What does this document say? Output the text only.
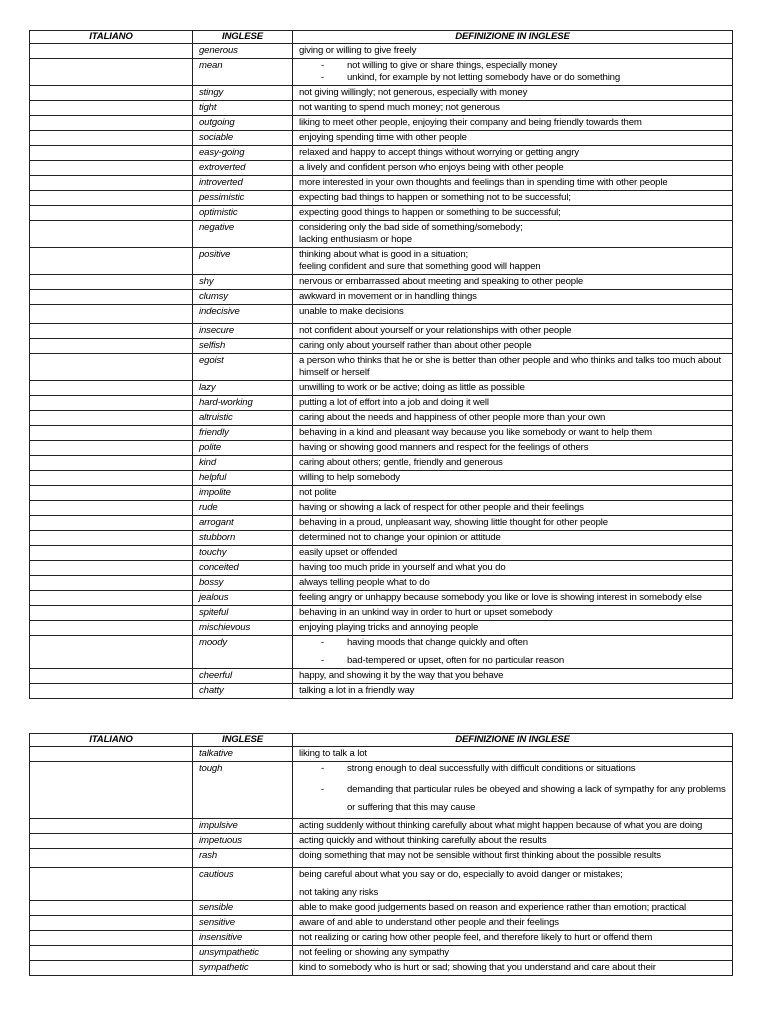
ITALIANO	INGLESE	DEFINIZIONE IN INGLESE
	generous	giving or willing to give freely

	mean	- not willing to give or share things, especially money
- unkind, for example by not letting somebody have or do something

	stingy	not giving willingly; not generous, especially with money

	tight	not wanting to spend much money; not generous

	outgoing	liking to meet other people, enjoying their company and being friendly towards them

	sociable	enjoying spending time with other people

	easy-going	relaxed and happy to accept things without worrying or getting angry

	extroverted	a lively and confident person who enjoys being with other people

	introverted	more interested in your own thoughts and feelings than in spending time with other people

	pessimistic	expecting bad things to happen or something not to be successful;

	optimistic	expecting good things to happen or something to be successful;

	negative	considering only the bad side of something/somebody;
lacking enthusiasm or hope

	positive	thinking about what is good in a situation;
feeling confident and sure that something good will happen

	shy	nervous or embarrassed about meeting and speaking to other people

	clumsy	awkward in movement or in handling things

	indecisive	unable to make decisions

	insecure	not confident about yourself or your relationships with other people

	selfish	caring only about yourself rather than about other people

	egoist	a person who thinks that he or she is better than other people and who thinks and talks too much about himself or herself

	lazy	unwilling to work or be active; doing as little as possible

	hard-working	putting a lot of effort into a job and doing it well

	altruistic	caring about the needs and happiness of other people more than your own

	friendly	behaving in a kind and pleasant way because you like somebody or want to help them

	polite	having or showing good manners and respect for the feelings of others

	kind	caring about others; gentle, friendly and generous

	helpful	willing to help somebody

	impolite	not polite

	rude	having or showing a lack of respect for other people and their feelings

	arrogant	behaving in a proud, unpleasant way, showing little thought for other people

	stubborn	determined not to change your opinion or attitude

	touchy	easily upset or offended

	conceited	having too much pride in yourself and what you do

	bossy	always telling people what to do

	jealous	feeling angry or unhappy because somebody you like or love is showing interest in somebody else

	spiteful	behaving in an unkind way in order to hurt or upset somebody

	mischievous	enjoying playing tricks and annoying people

	moody	- having moods that change quickly and often
- bad-tempered or upset, often for no particular reason

	cheerful	happy, and showing it by the way that you behave

	chatty	talking a lot in a friendly way
ITALIANO	INGLESE	DEFINIZIONE IN INGLESE
	talkative	liking to talk a lot

	tough	- strong enough to deal successfully with difficult conditions or situations
- demanding that particular rules be obeyed and showing a lack of sympathy for any problems or suffering that this may cause

	impulsive	acting suddenly without thinking carefully about what might happen because of what you are doing

	impetuous	acting quickly and without thinking carefully about the results

	rash	doing something that may not be sensible without first thinking about the possible results

	cautious	being careful about what you say or do, especially to avoid danger or mistakes;
not taking any risks

	sensible	able to make good judgements based on reason and experience rather than emotion; practical

	sensitive	aware of and able to understand other people and their feelings

	insensitive	not realizing or caring how other people feel, and therefore likely to hurt or offend them

	unsympathetic	not feeling or showing any sympathy

	sympathetic	kind to somebody who is hurt or sad; showing that you understand and care about their
